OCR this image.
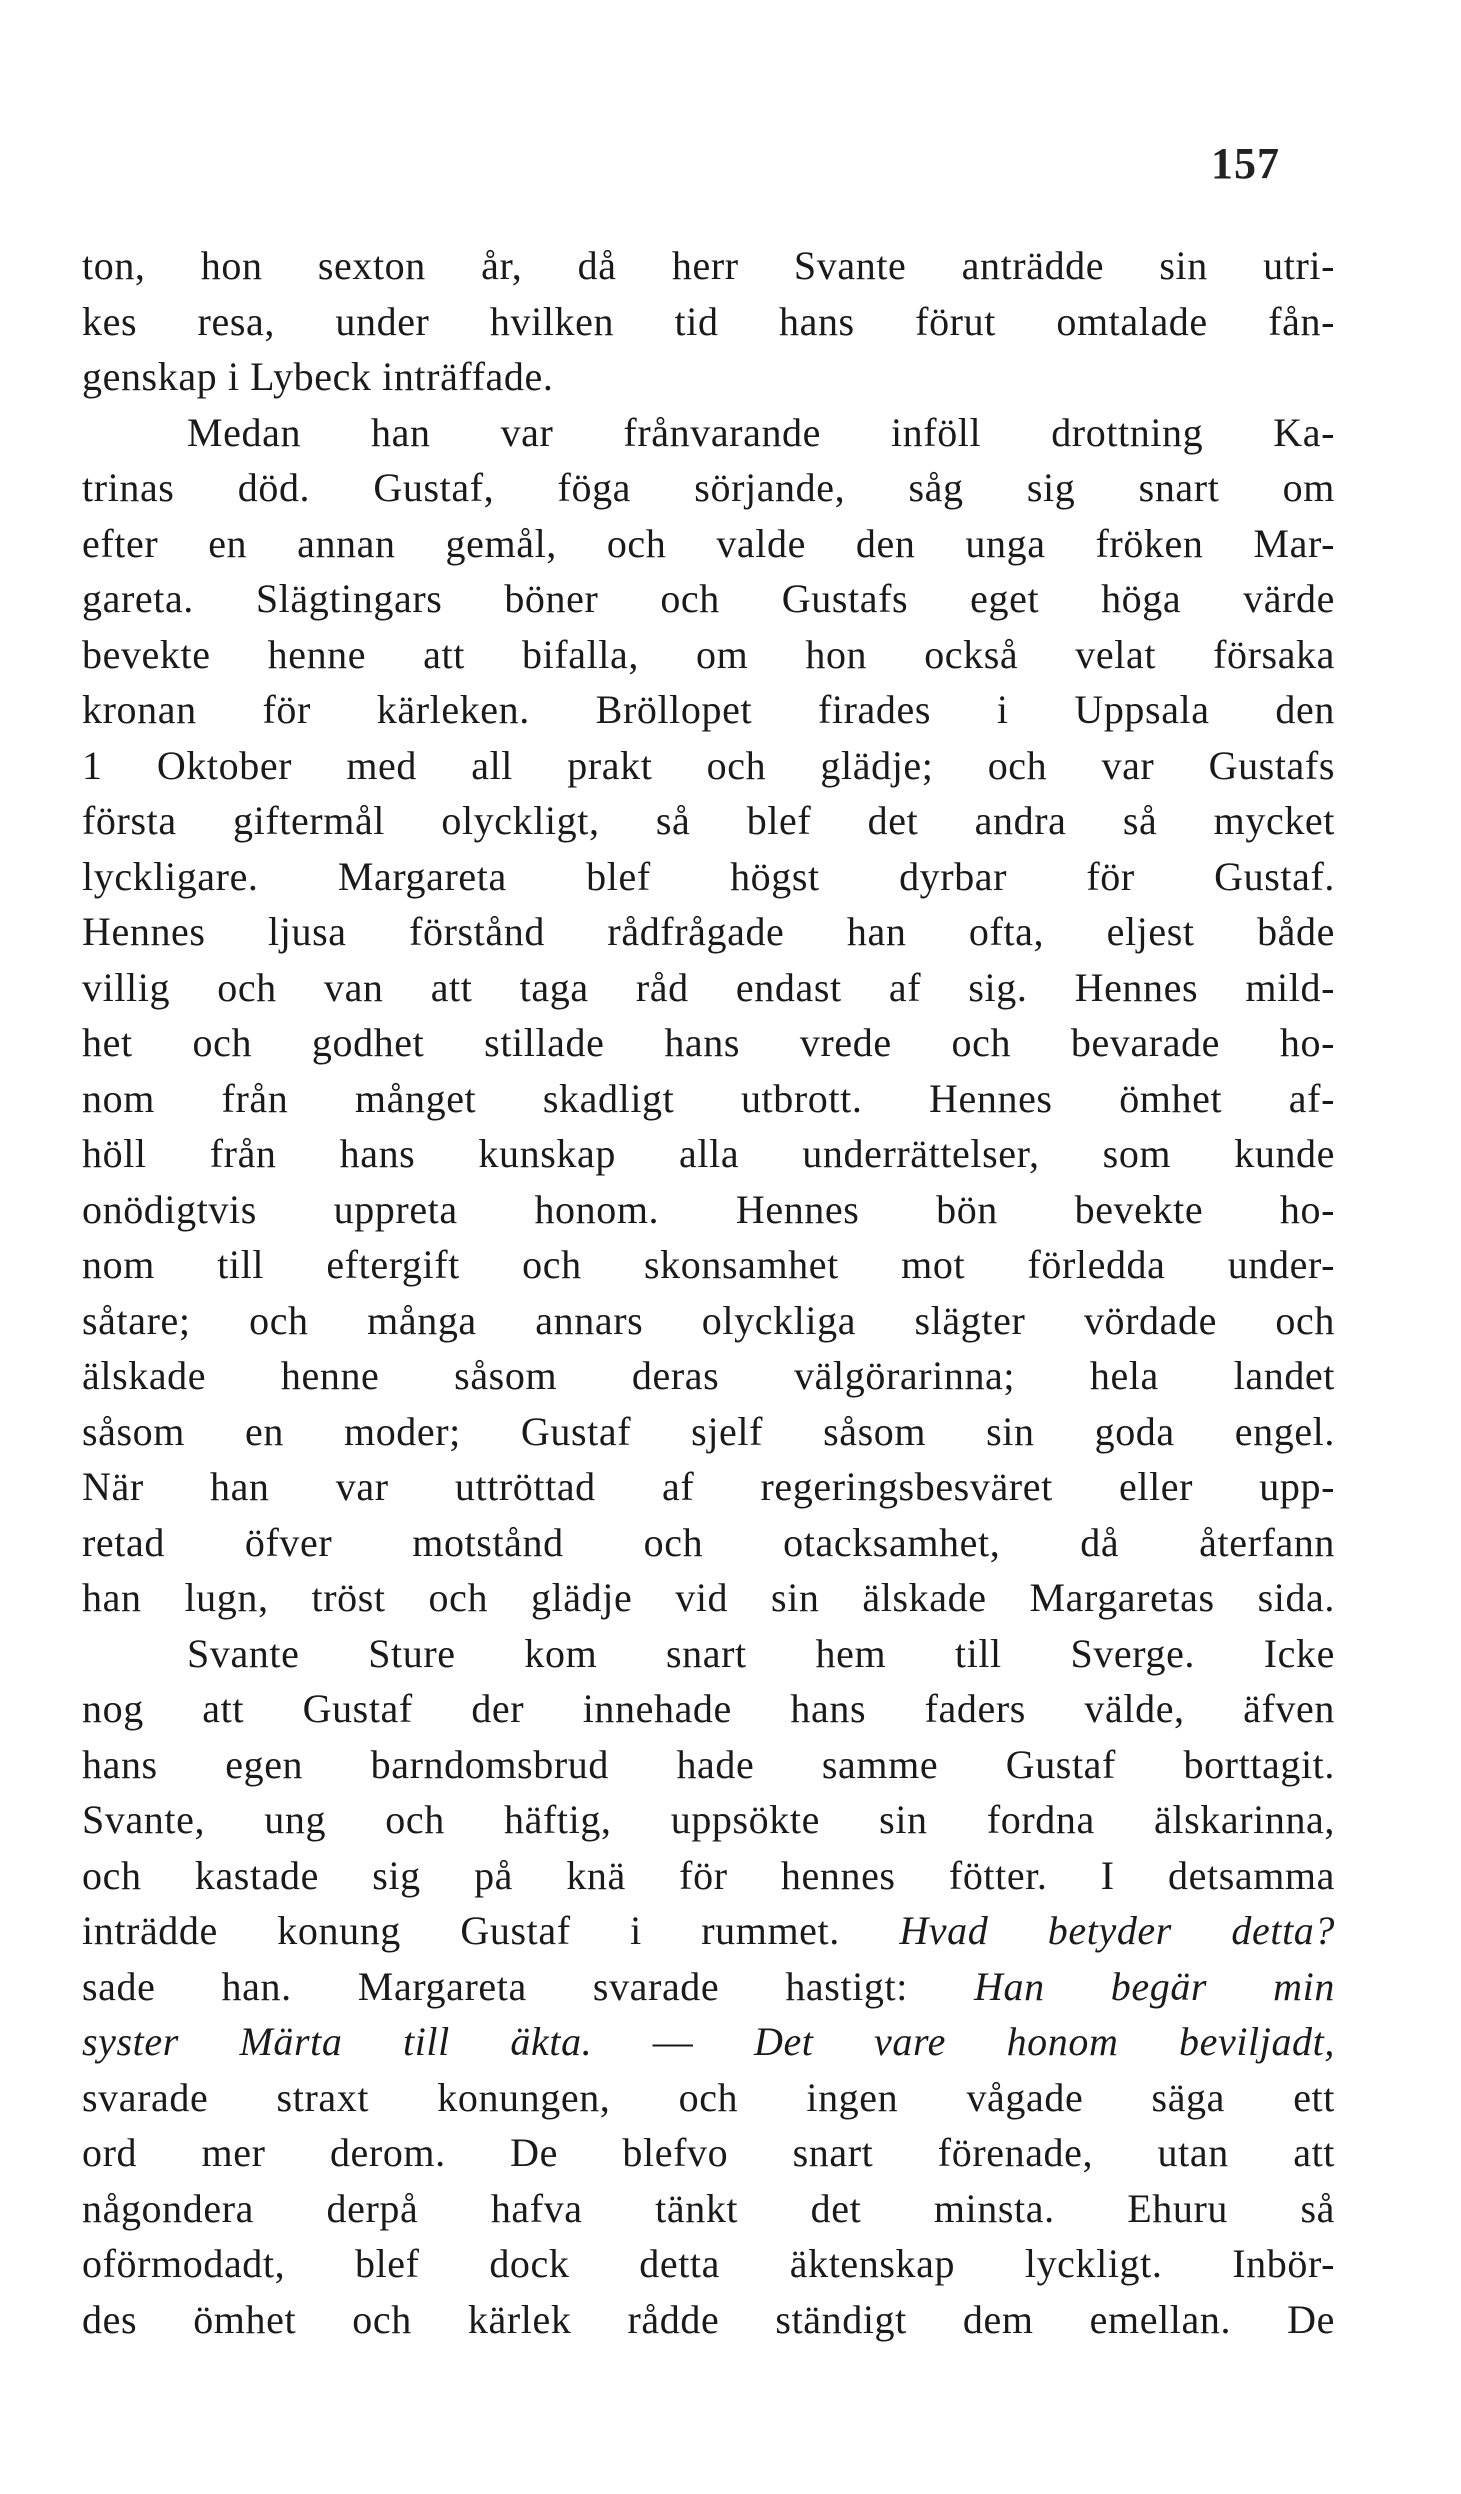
157
ton, hon sexton år, då herr Svante anträdde sin utri-
kes resa, under hvilken tid hans förut omtalade fån-
genskap i Lybeck inträffade.
Medan han var frånvarande inföll drottning Ka-
trinas död. Gustaf, föga sörjande, såg sig snart om
efter en annan gemål, och valde den unga fröken Mar-
gareta. Slägtingars böner och Gustafs eget höga värde
bevekte henne att bifalla, om hon också velat försaka
kronan för kärleken. Bröllopet firades i Uppsala den
1 Oktober med all prakt och glädje; och var Gustafs
första giftermål olyckligt, så blef det andra så mycket
lyckligare. Margareta blef högst dyrbar för Gustaf.
Hennes ljusa förstånd rådfrågade han ofta, eljest både
villig och van att taga råd endast af sig. Hennes mild-
het och godhet stillade hans vrede och bevarade ho-
nom från månget skadligt utbrott. Hennes ömhet af-
höll från hans kunskap alla underrättelser, som kunde
onödigtvis uppreta honom. Hennes bön bevekte ho-
nom till eftergift och skonsamhet mot förledda under-
såtare; och många annars olyckliga slägter vördade och
älskade henne såsom deras välgörarinna; hela landet
såsom en moder; Gustaf sjelf såsom sin goda engel.
När han var uttröttad af regeringsbesväret eller upp-
retad öfver motstånd och otacksamhet, då återfann
han lugn, tröst och glädje vid sin älskade Margaretas sida.
Svante Sture kom snart hem till Sverge. Icke
nog att Gustaf der innehade hans faders välde, äfven
hans egen barndomsbrud hade samme Gustaf borttagit.
Svante, ung och häftig, uppsökte sin fordna älskarinna,
och kastade sig på knä för hennes fötter. I detsamma
inträdde konung Gustaf i rummet. Hvad betyder detta?
sade han. Margareta svarade hastigt: Han begär min
syster Märta till äkta. — Det vare honom beviljadt,
svarade straxt konungen, och ingen vågade säga ett
ord mer derom. De blefvo snart förenade, utan att
någondera derpå hafva tänkt det minsta. Ehuru så
oförmodadt, blef dock detta äktenskap lyckligt. Inbör-
des ömhet och kärlek rådde ständigt dem emellan. De
